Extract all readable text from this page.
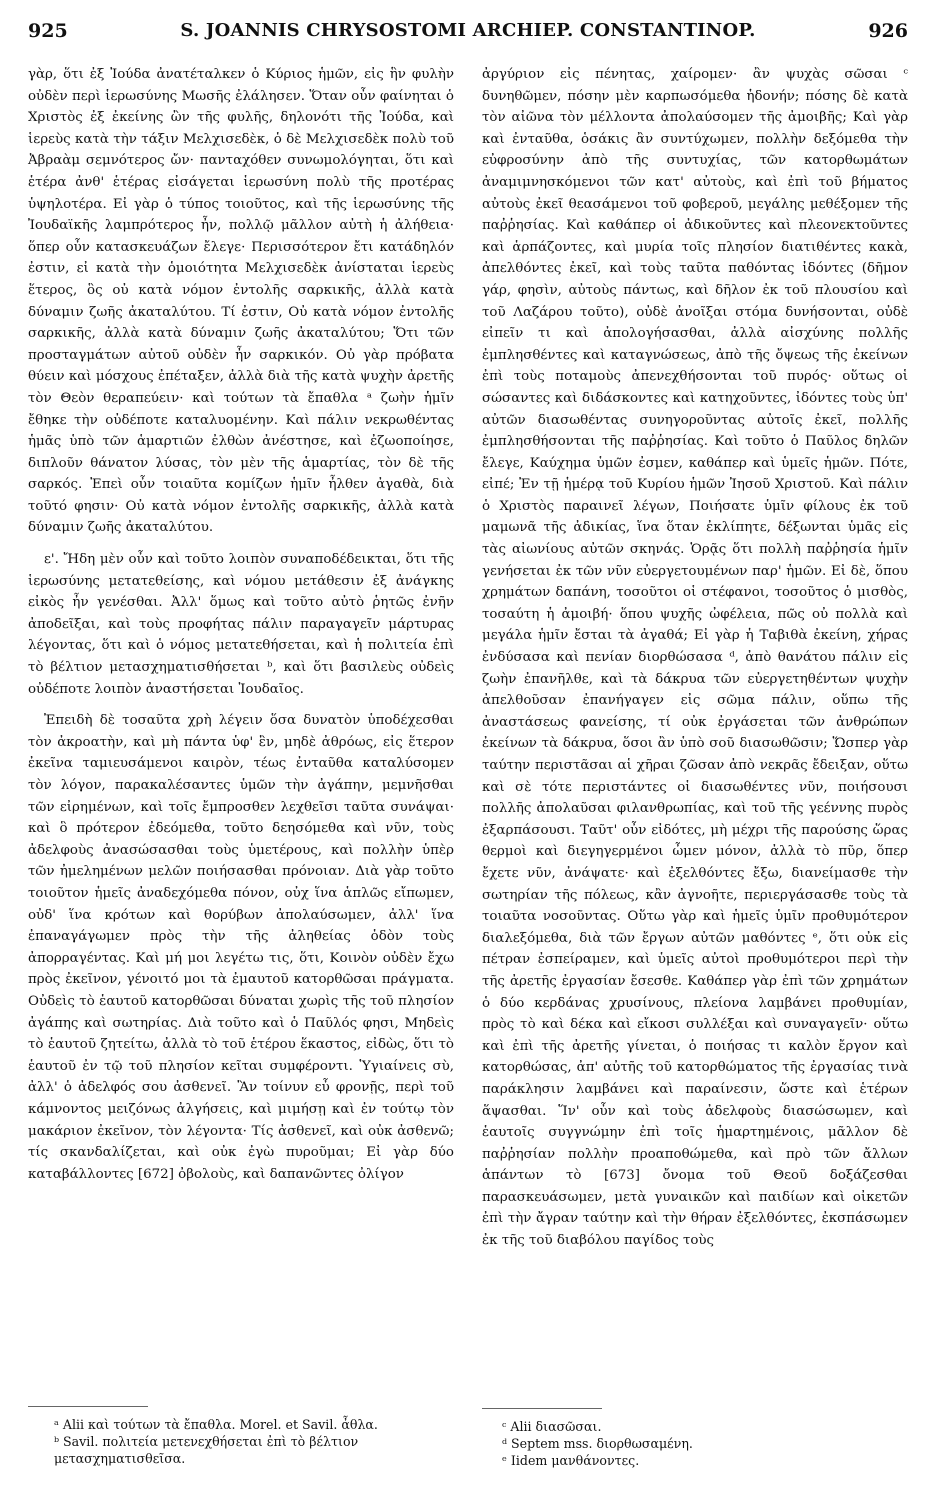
925	S. JOANNIS CHRYSOSTOMI ARCHIEP. CONSTANTINOP.	926

γὰρ, ὅτι ἐξ Ἰούδα ἀνατέταλκεν ὁ Κύριος ἡμῶν, εἰς ἣν φυλὴν οὐδὲν περὶ ἱερωσύνης Μωσῆς ἐλάλησεν. Ὅταν οὖν φαίνηται ὁ Χριστὸς ἐξ ἐκείνης ὢν τῆς φυλῆς, δηλονότι τῆς Ἰούδα, καὶ ἱερεὺς κατὰ τὴν τάξιν Μελχισεδὲκ, ὁ δὲ Μελχισεδὲκ πολὺ τοῦ Ἀβραὰμ σεμνότερος ὤν· πανταχόθεν συνωμολόγηται, ὅτι καὶ ἑτέρα ἀνθ' ἑτέρας εἰσάγεται ἱερωσύνη πολὺ τῆς προτέρας ὑψηλοτέρα. Εἰ γὰρ ὁ τύπος τοιοῦτος, καὶ τῆς ἱερωσύνης τῆς Ἰουδαϊκῆς λαμπρότερος ἦν, πολλῷ μᾶλλον αὐτὴ ἡ ἀλήθεια· ὅπερ οὖν κατασκευάζων ἔλεγε· Περισσότερον ἔτι κατάδηλόν ἐστιν, εἰ κατὰ τὴν ὁμοιότητα Μελχισεδὲκ ἀνίσταται ἱερεὺς ἕτερος, ὃς οὐ κατὰ νόμον ἐντολῆς σαρκικῆς, ἀλλὰ κατὰ δύναμιν ζωῆς ἀκαταλύτου. Τί ἐστιν, Οὐ κατὰ νόμον ἐντολῆς σαρκικῆς, ἀλλὰ κατὰ δύναμιν ζωῆς ἀκαταλύτου; Ὅτι τῶν προσταγμάτων αὐτοῦ οὐδὲν ἦν σαρκικόν. Οὐ γὰρ πρόβατα θύειν καὶ μόσχους ἐπέταξεν, ἀλλὰ διὰ τῆς κατὰ ψυχὴν ἀρετῆς τὸν Θεὸν θεραπεύειν· καὶ τούτων τὰ ἔπαθλα ᵃ ζωὴν ἡμῖν ἔθηκε τὴν οὐδέποτε καταλυομένην. Καὶ πάλιν νεκρωθέντας ἡμᾶς ὑπὸ τῶν ἁμαρτιῶν ἐλθὼν ἀνέστησε, καὶ ἐζωοποίησε, διπλοῦν θάνατον λύσας, τὸν μὲν τῆς ἁμαρτίας, τὸν δὲ τῆς σαρκός. Ἐπεὶ οὖν τοιαῦτα κομίζων ἡμῖν ἦλθεν ἀγαθὰ, διὰ τοῦτό φησιν· Οὐ κατὰ νόμον ἐντολῆς σαρκικῆς, ἀλλὰ κατὰ δύναμιν ζωῆς ἀκαταλύτου.

ε'. Ἤδη μὲν οὖν καὶ τοῦτο λοιπὸν συναποδέδεικται, ὅτι τῆς ἱερωσύνης μετατεθείσης, καὶ νόμου μετάθεσιν ἐξ ἀνάγκης εἰκὸς ἦν γενέσθαι. Ἀλλ' ὅμως καὶ τοῦτο αὐτὸ ῥητῶς ἐνῆν ἀποδεῖξαι, καὶ τοὺς προφήτας πάλιν παραγαγεῖν μάρτυρας λέγοντας, ὅτι καὶ ὁ νόμος μετατεθήσεται, καὶ ἡ πολιτεία ἐπὶ τὸ βέλτιον μετασχηματισθήσεται ᵇ, καὶ ὅτι βασιλεὺς οὐδεὶς οὐδέποτε λοιπὸν ἀναστήσεται Ἰουδαῖος.

Ἐπειδὴ δὲ τοσαῦτα χρὴ λέγειν ὅσα δυνατὸν ὑποδέχεσθαι τὸν ἀκροατὴν, καὶ μὴ πάντα ὑφ' ἓν, μηδὲ ἀθρόως, εἰς ἕτερον ἐκεῖνα ταμιευσάμενοι καιρὸν, τέως ἐνταῦθα καταλύσομεν τὸν λόγον, παρακαλέσαντες ὑμῶν τὴν ἀγάπην, μεμνῆσθαι τῶν εἰρημένων, καὶ τοῖς ἔμπροσθεν λεχθεῖσι ταῦτα συνάψαι· καὶ ὃ πρότερον ἐδεόμεθα, τοῦτο δεησόμεθα καὶ νῦν, τοὺς ἀδελφοὺς ἀνασώσασθαι τοὺς ὑμετέρους, καὶ πολλὴν ὑπὲρ τῶν ἠμελημένων μελῶν ποιήσασθαι πρόνοιαν. Διὰ γὰρ τοῦτο τοιοῦτον ἡμεῖς ἀναδεχόμεθα πόνον, οὐχ ἵνα ἁπλῶς εἴπωμεν, οὐδ' ἵνα κρότων καὶ θορύβων ἀπολαύσωμεν, ἀλλ' ἵνα ἐπαναγάγωμεν πρὸς τὴν τῆς ἀληθείας ὁδὸν τοὺς ἀπορραγέντας. Καὶ μή μοι λεγέτω τις, ὅτι, Κοινὸν οὐδὲν ἔχω πρὸς ἐκεῖνον, γένοιτό μοι τὰ ἐμαυτοῦ κατορθῶσαι πράγματα. Οὐδεὶς τὸ ἑαυτοῦ κατορθῶσαι δύναται χωρὶς τῆς τοῦ πλησίον ἀγάπης καὶ σωτηρίας. Διὰ τοῦτο καὶ ὁ Παῦλός φησι, Μηδεὶς τὸ ἑαυτοῦ ζητείτω, ἀλλὰ τὸ τοῦ ἑτέρου ἕκαστος, εἰδὼς, ὅτι τὸ ἑαυτοῦ ἐν τῷ τοῦ πλησίον κεῖται συμφέροντι. Ὑγιαίνεις σὺ, ἀλλ' ὁ ἀδελφός σου ἀσθενεῖ. Ἂν τοίνυν εὖ φρονῇς, περὶ τοῦ κάμνοντος μειζόνως ἀλγήσεις, καὶ μιμήσῃ καὶ ἐν τούτῳ τὸν μακάριον ἐκεῖνον, τὸν λέγοντα· Τίς ἀσθενεῖ, καὶ οὐκ ἀσθενῶ; τίς σκανδαλίζεται, καὶ οὐκ ἐγὼ πυροῦμαι; Εἰ γὰρ δύο καταβάλλοντες [672] ὀβολοὺς, καὶ δαπανῶντες ὀλίγον

ἀργύριον εἰς πένητας, χαίρομεν· ἂν ψυχὰς σῶσαι ᶜ δυνηθῶμεν, πόσην μὲν καρπωσόμεθα ἡδονήν; πόσης δὲ κατὰ τὸν αἰῶνα τὸν μέλλοντα ἀπολαύσομεν τῆς ἀμοιβῆς; Καὶ γὰρ καὶ ἐνταῦθα, ὁσάκις ἂν συντύχωμεν, πολλὴν δεξόμεθα τὴν εὐφροσύνην ἀπὸ τῆς συντυχίας, τῶν κατορθωμάτων ἀναμιμνησκόμενοι τῶν κατ' αὐτοὺς, καὶ ἐπὶ τοῦ βήματος αὐτοὺς ἐκεῖ θεασάμενοι τοῦ φοβεροῦ, μεγάλης μεθέξομεν τῆς παῤῥησίας. Καὶ καθάπερ οἱ ἀδικοῦντες καὶ πλεονεκτοῦντες καὶ ἁρπάζοντες, καὶ μυρία τοῖς πλησίον διατιθέντες κακὰ, ἀπελθόντες ἐκεῖ, καὶ τοὺς ταῦτα παθόντας ἰδόντες (δῆμον γάρ, φησὶν, αὐτοὺς πάντως, καὶ δῆλον ἐκ τοῦ πλουσίου καὶ τοῦ Λαζάρου τοῦτο), οὐδὲ ἀνοῖξαι στόμα δυνήσονται, οὐδὲ εἰπεῖν τι καὶ ἀπολογήσασθαι, ἀλλὰ αἰσχύνης πολλῆς ἐμπλησθέντες καὶ καταγνώσεως, ἀπὸ τῆς ὄψεως τῆς ἐκείνων ἐπὶ τοὺς ποταμοὺς ἀπενεχθήσονται τοῦ πυρός· οὕτως οἱ σώσαντες καὶ διδάσκοντες καὶ κατηχοῦντες, ἰδόντες τοὺς ὑπ' αὐτῶν διασωθέντας συνηγοροῦντας αὐτοῖς ἐκεῖ, πολλῆς ἐμπλησθήσονται τῆς παῤῥησίας. Καὶ τοῦτο ὁ Παῦλος δηλῶν ἔλεγε, Καύχημα ὑμῶν ἐσμεν, καθάπερ καὶ ὑμεῖς ἡμῶν. Πότε, εἰπέ; Ἐν τῇ ἡμέρᾳ τοῦ Κυρίου ἡμῶν Ἰησοῦ Χριστοῦ. Καὶ πάλιν ὁ Χριστὸς παραινεῖ λέγων, Ποιήσατε ὑμῖν φίλους ἐκ τοῦ μαμωνᾶ τῆς ἀδικίας, ἵνα ὅταν ἐκλίπητε, δέξωνται ὑμᾶς εἰς τὰς αἰωνίους αὐτῶν σκηνάς. Ὁρᾷς ὅτι πολλὴ παῤῥησία ἡμῖν γενήσεται ἐκ τῶν νῦν εὐεργετουμένων παρ' ἡμῶν. Εἰ δὲ, ὅπου χρημάτων δαπάνη, τοσοῦτοι οἱ στέφανοι, τοσοῦτος ὁ μισθὸς, τοσαύτη ἡ ἀμοιβή· ὅπου ψυχῆς ὠφέλεια, πῶς οὐ πολλὰ καὶ μεγάλα ἡμῖν ἔσται τὰ ἀγαθά; Εἰ γὰρ ἡ Ταβιθὰ ἐκείνη, χήρας ἐνδύσασα καὶ πενίαν διορθώσασα ᵈ, ἀπὸ θανάτου πάλιν εἰς ζωὴν ἐπανῆλθε, καὶ τὰ δάκρυα τῶν εὐεργετηθέντων ψυχὴν ἀπελθοῦσαν ἐπανήγαγεν εἰς σῶμα πάλιν, οὕπω τῆς ἀναστάσεως φανείσης, τί οὐκ ἐργάσεται τῶν ἀνθρώπων ἐκείνων τὰ δάκρυα, ὅσοι ἂν ὑπὸ σοῦ διασωθῶσιν; Ὥσπερ γὰρ ταύτην περιστᾶσαι αἱ χῆραι ζῶσαν ἀπὸ νεκρᾶς ἔδειξαν, οὕτω καὶ σὲ τότε περιστάντες οἱ διασωθέντες νῦν, ποιήσουσι πολλῆς ἀπολαῦσαι φιλανθρωπίας, καὶ τοῦ τῆς γεέννης πυρὸς ἐξαρπάσουσι. Ταῦτ' οὖν εἰδότες, μὴ μέχρι τῆς παρούσης ὥρας θερμοὶ καὶ διεγηγερμένοι ὦμεν μόνον, ἀλλὰ τὸ πῦρ, ὅπερ ἔχετε νῦν, ἀνάψατε· καὶ ἐξελθόντες ἔξω, διανείμασθε τὴν σωτηρίαν τῆς πόλεως, κἂν ἀγνοῆτε, περιεργάσασθε τοὺς τὰ τοιαῦτα νοσοῦντας. Οὕτω γὰρ καὶ ἡμεῖς ὑμῖν προθυμότερον διαλεξόμεθα, διὰ τῶν ἔργων αὐτῶν μαθόντες ᵉ, ὅτι οὐκ εἰς πέτραν ἐσπείραμεν, καὶ ὑμεῖς αὐτοὶ προθυμότεροι περὶ τὴν τῆς ἀρετῆς ἐργασίαν ἔσεσθε. Καθάπερ γὰρ ἐπὶ τῶν χρημάτων ὁ δύο κερδάνας χρυσίνους, πλείονα λαμβάνει προθυμίαν, πρὸς τὸ καὶ δέκα καὶ εἴκοσι συλλέξαι καὶ συναγαγεῖν· οὕτω καὶ ἐπὶ τῆς ἀρετῆς γίνεται, ὁ ποιήσας τι καλὸν ἔργον καὶ κατορθώσας, ἀπ' αὐτῆς τοῦ κατορθώματος τῆς ἐργασίας τινὰ παράκλησιν λαμβάνει καὶ παραίνεσιν, ὥστε καὶ ἑτέρων ἅψασθαι. Ἵν' οὖν καὶ τοὺς ἀδελφοὺς διασώσωμεν, καὶ ἑαυτοῖς συγγνώμην ἐπὶ τοῖς ἡμαρτημένοις, μᾶλλον δὲ παῤῥησίαν πολλὴν προαποθώμεθα, καὶ πρὸ τῶν ἄλλων ἁπάντων τὸ [673] ὄνομα τοῦ Θεοῦ δοξάζεσθαι παρασκευάσωμεν, μετὰ γυναικῶν καὶ παιδίων καὶ οἰκετῶν ἐπὶ τὴν ἄγραν ταύτην καὶ τὴν θήραν ἐξελθόντες, ἐκσπάσωμεν ἐκ τῆς τοῦ διαβόλου παγίδος τοὺς

ᵃ Alii καὶ τούτων τὰ ἔπαθλα. Morel. et Savil. ἆθλα.
ᵇ Savil. πολιτεία μετενεχθήσεται ἐπὶ τὸ βέλτιον μετασχηματισθεῖσα.
ᶜ Alii διασῶσαι.
ᵈ Septem mss. διορθωσαμένη.
ᵉ Iidem μανθάνοντες.
